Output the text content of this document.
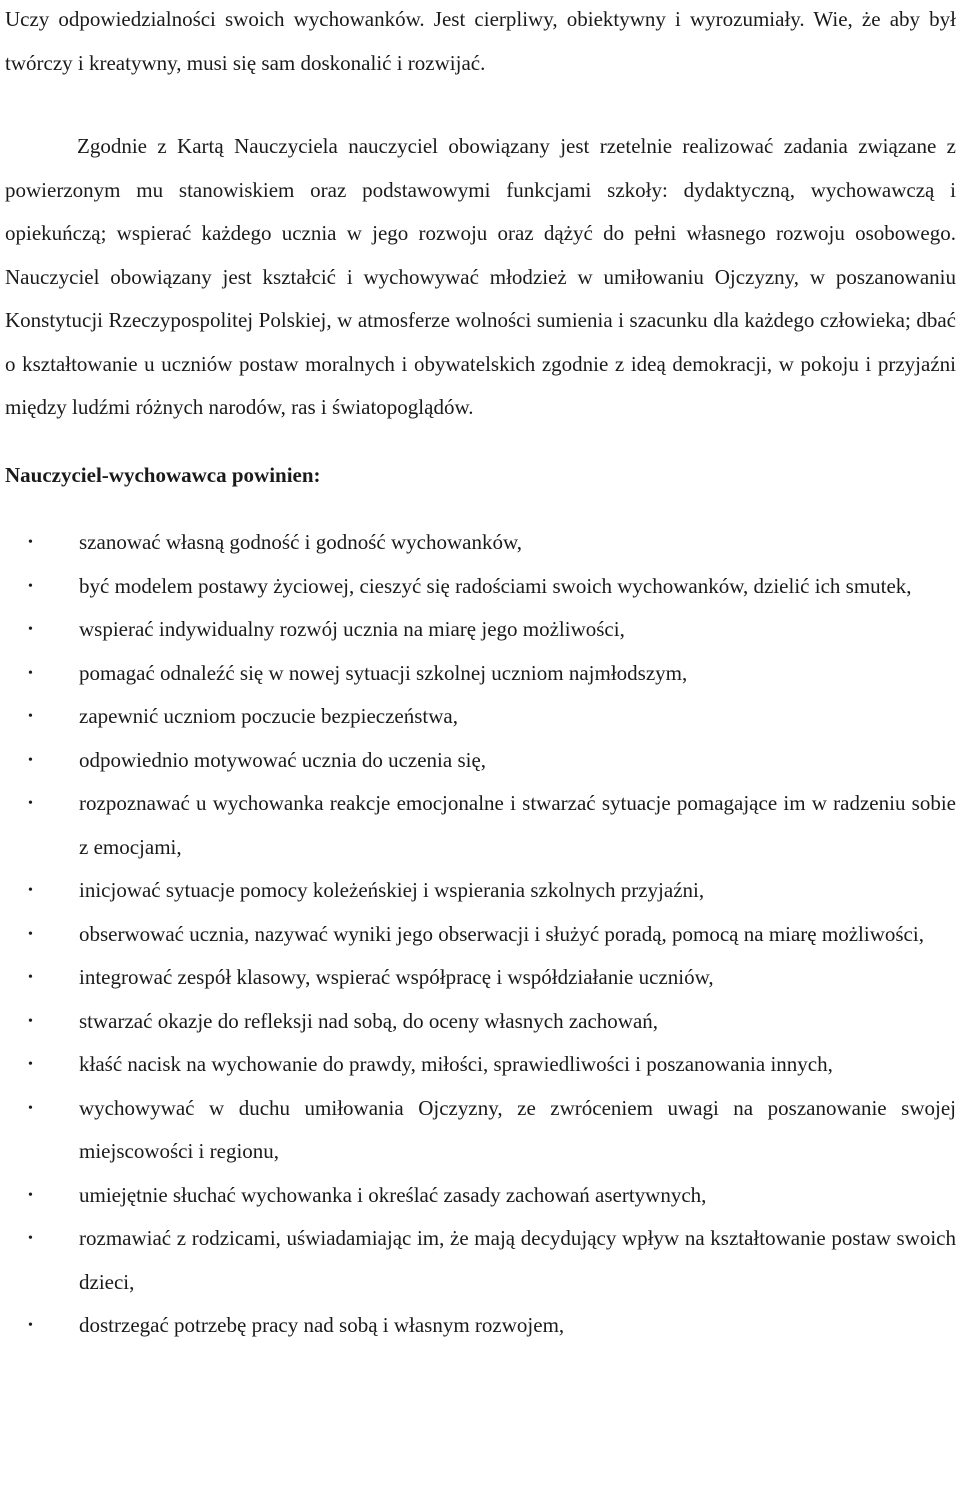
Uczy odpowiedzialności swoich wychowanków. Jest cierpliwy, obiektywny i wyrozumiały. Wie, że aby był twórczy i kreatywny, musi się sam doskonalić i rozwijać.

Zgodnie z Kartą Nauczyciela nauczyciel obowiązany jest rzetelnie realizować zadania związane z powierzonym mu stanowiskiem oraz podstawowymi funkcjami szkoły: dydaktyczną, wychowawczą i opiekuńczą; wspierać każdego ucznia w jego rozwoju oraz dążyć do pełni własnego rozwoju osobowego. Nauczyciel obowiązany jest kształcić i wychowywać młodzież w umiłowaniu Ojczyzny, w poszanowaniu Konstytucji Rzeczypospolitej Polskiej, w atmosferze wolności sumienia i szacunku dla każdego człowieka; dbać o kształtowanie u uczniów postaw moralnych i obywatelskich zgodnie z ideą demokracji, w pokoju i przyjaźni między ludźmi różnych narodów, ras i światopoglądów.

Nauczyciel-wychowawca powinien:

• szanować własną godność i godność wychowanków,
• być modelem postawy życiowej, cieszyć się radościami swoich wychowanków, dzielić ich smutek,
• wspierać indywidualny rozwój ucznia na miarę jego możliwości,
• pomagać odnaleźć się w nowej sytuacji szkolnej uczniom najmłodszym,
• zapewnić uczniom poczucie bezpieczeństwa,
• odpowiednio motywować ucznia do uczenia się,
• rozpoznawać u wychowanka reakcje emocjonalne i stwarzać sytuacje pomagające im w radzeniu sobie z emocjami,
• inicjować sytuacje pomocy koleżeńskiej i wspierania szkolnych przyjaźni,
• obserwować ucznia, nazywać wyniki jego obserwacji i służyć poradą, pomocą na miarę możliwości,
• integrować zespół klasowy, wspierać współpracę i współdziałanie uczniów,
• stwarzać okazje do refleksji nad sobą, do oceny własnych zachowań,
• kłaść nacisk na wychowanie do prawdy, miłości, sprawiedliwości i poszanowania innych,
• wychowywać w duchu umiłowania Ojczyzny, ze zwróceniem uwagi na poszanowanie swojej miejscowości i regionu,
• umiejętnie słuchać wychowanka i określać zasady zachowań asertywnych,
• rozmawiać z rodzicami, uświadamiając im, że mają decydujący wpływ na kształtowanie postaw swoich dzieci,
• dostrzegać potrzebę pracy nad sobą i własnym rozwojem,
